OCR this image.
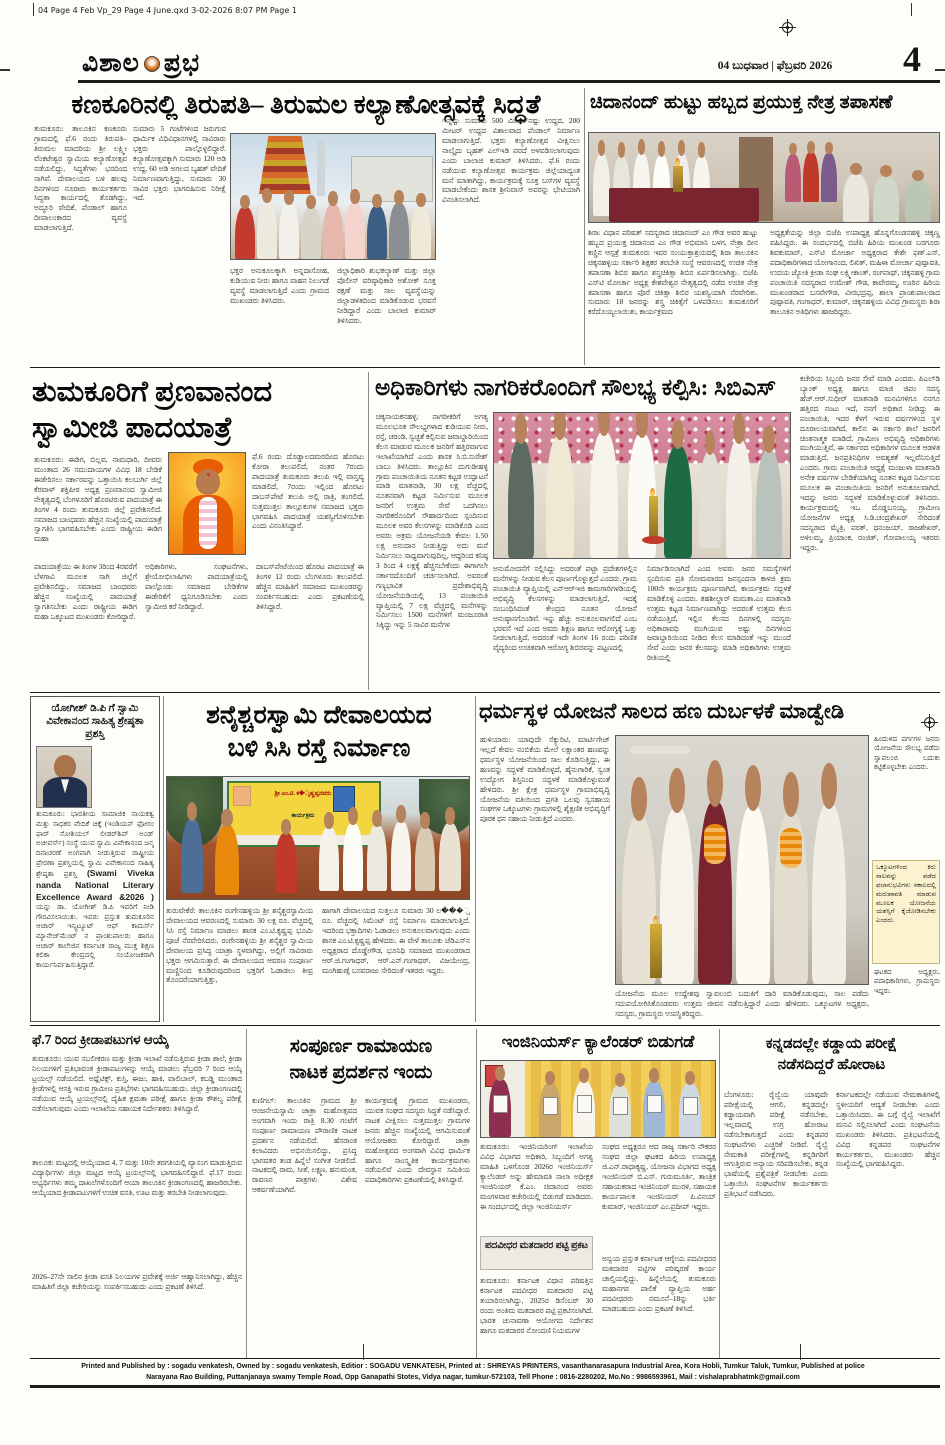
04 Page 4 Feb Vp_29 Page 4 June.qxd 3-02-2026 8:07 PM Page 1
ವಿಶಾಲ ಪ್ರಭ	04 ಬುಧವಾರ | ಫೆಬ್ರವರಿ 2026	4
ಕಣಕೂರಿನಲ್ಲಿ ತಿರುಪತಿ– ತಿರುಮಲ ಕಲ್ಯಾಣೋತ್ಸವಕ್ಕೆ ಸಿದ್ಧತೆ
ತುಮಕೂರು: ತಾಲೂಕಿನ ಕಣಕೂರು ಗ್ರಾಮದಲ್ಲಿ ಫೆ.6 ರಂದು ತಿರುಪತಿ– ತಿರುಮಲ ಮಾದರಿಯ ಶ್ರೀ ಲಕ್ಷ್ಮೀ ವೆಂಕಟೇಶ್ವರ ಸ್ವಾಮಿಯ ಕಲ್ಯಾಣೋತ್ಸವ ನಡೆಯಲಿದ್ದು, ಸಿದ್ಧತೆಗಳು ಭರದಿಂದ ಸಾಗಿವೆ. ದೇವಾಲಯದ ಬಳಿ ಹಲವು ದಿನಗಳಿಂದ ನೂರಾರು ಕಾರ್ಯಕರ್ತರು ಸಿದ್ಧತಾ ಕಾರ್ಯದಲ್ಲಿ ತೊಡಗಿದ್ದು, ಅದ್ಧೂರಿ ವೇದಿಕೆ, ಪೆಂಡಾಲ್ ಹಾಗೂ ದೀಪಾಲಂಕಾರದ ವ್ಯವಸ್ಥೆ ಮಾಡಲಾಗುತ್ತಿದೆ.
ಸುಮಾರು 5 ಗಂಟೆಗಳಿಂದ ಜರುಗುವ ಧಾರ್ಮಿಕ ವಿಧಿವಿಧಾನಗಳಲ್ಲಿ ಸಾವಿರಾರು ಭಕ್ತರು ಪಾಲ್ಗೊಳ್ಳಲಿದ್ದಾರೆ. ಕಲ್ಯಾಣೋತ್ಸವಕ್ಕಾಗಿ ಸುಮಾರು 120 ಅಡಿ ಉದ್ದ, 60 ಅಡಿ ಅಗಲದ ಬೃಹತ್ ವೇದಿಕೆ ನಿರ್ಮಾಣವಾಗುತ್ತಿದ್ದು, ಸುಮಾರು 30 ಸಾವಿರ ಭಕ್ತರು ಭಾಗವಹಿಸುವ ನಿರೀಕ್ಷೆ ಇದೆ.
ಭಕ್ತರ ಅನುಕೂಲಕ್ಕಾಗಿ ಅನ್ನದಾಸೋಹ, ಕುಡಿಯುವ ನೀರು ಹಾಗೂ ವಾಹನ ನಿಲುಗಡೆ ವ್ಯವಸ್ಥೆ ಮಾಡಲಾಗುತ್ತಿದೆ ಎಂದು ಗ್ರಾಮದ ಮುಖಂಡರು ತಿಳಿಸಿದರು.
ಜಿಲ್ಲಾಧಿಕಾರಿ ಶುಭಕಲ್ಯಾಣ್ ಮತ್ತು ಜಿಲ್ಲಾ ಪೊಲೀಸ್ ವರಿಷ್ಠಾಧಿಕಾರಿ ಅಶೋಕ್ ಸೂಕ್ತ ರಕ್ಷಣೆ ಮತ್ತು ಸಾಲ ವ್ಯವಸ್ಥೆಯನ್ನು ಜಿಲ್ಲಾಡಳಿತದಿಂದ ಮಾಡಿಕೊಡುವ ಭರವಸೆ ನೀಡಿದ್ದಾರೆ ಎಂದು ಬಾಲಾಜಿ ಕುಮಾರ್ ತಿಳಿಸಿದರು.
ಇನ್ನಷ್ಟು ಸುಮಾರು 500 ಮೀಟರ್‌ನಷ್ಟು ಉದ್ದದ, 200 ಮೀಟರ್ ಉದ್ದದ ವಿಶಾಲವಾದ ಪೆಂಡಾಲ್ ನಿರ್ಮಾಣ ಮಾಡಲಾಗುತ್ತಿದೆ. ಭಕ್ತರು ಕಲ್ಯಾಣೋತ್ಸವ ವೀಕ್ಷಿಸಲು ನಾಲ್ಕೈದು ಬೃಹತ್ ಎಲ್‌ಇಡಿ ಪರದೆ ಅಳವಡಿಸಲಾಗುವುದು ಎಂದು ಬಾಲಾಜಿ ಕುಮಾರ್ ತಿಳಿಸಿದರು. ಫೆ.6 ರಂದು ನಡೆಯುವ ಕಲ್ಯಾಣೋತ್ಸವ ಕಾರ್ಯಕ್ರಮ ಜಿಲ್ಲೆಯಾದ್ಯಂತ ಮನೆ ಮಾತಾಗಿದ್ದು, ಕಾರ್ಯಕ್ರಮಕ್ಕೆ ಸೂಕ್ತ ಬಸ್‌ಗಳ ವ್ಯವಸ್ಥೆ ಮಾಡಬೇಕೆಂದು ಶಾಸಕ ಶ್ರೀನಿವಾಸ್ ಅವರನ್ನು ಭೇಟಿಯಾಗಿ ವಿನಂತಿಸಲಾಗಿದೆ.
ಚಿದಾನಂದ್ ಹುಟ್ಟು ಹಬ್ಬದ ಪ್ರಯುಕ್ತ ನೇತ್ರ ತಪಾಸಣೆ
ಶಿರಾ: ವಿಧಾನ ಪರಿಷತ್ ಸದಸ್ಯರಾದ ಚಿದಾನಂದ್ ಎಂ ಗೌಡ ಅವರ ಹುಟ್ಟು ಹಬ್ಬದ ಪ್ರಯುಕ್ತ ಚಿದಾನಂದ ಎಂ ಗೌಡ ಅಭಿಮಾನಿ ಬಳಗ, ನೇತ್ರಾ ದೀನ ಕಣ್ಣಿನ ಆಸ್ಪತ್ರೆ ತುಮಕೂರು ಇವರ ಸಂಯುಕ್ತಾಶ್ರಯದಲ್ಲಿ ಶಿರಾ ತಾಲೂಕಿನ ಚಿಕ್ಕನಹಳ್ಳಿಯ ಸರ್ಕಾರಿ ಶಿಕ್ಷಕರ ತರಬೇತಿ ಸಂಸ್ಥೆ ಆವರಣದಲ್ಲಿ ಉಚಿತ ನೇತ್ರ ತಪಾಸಣಾ ಶಿಬಿರ ಹಾಗೂ ಶಸ್ತ್ರಚಿಕಿತ್ಸಾ ಶಿಬಿರ ಏರ್ಪಡಿಸಲಾಗಿತ್ತು. ಬಿಜೆಪಿ ಎಸ್‌ಟಿ ಮೋರ್ಚಾ ಅಧ್ಯಕ್ಷ ಕೇಶವೇಶ್ವರ ನೇತೃತ್ವದಲ್ಲಿ ನಡೆದ ಉಚಿತ ನೇತ್ರ ತಪಾಸಣಾ ಹಾಗೂ ಪೊರೆ ಚಿಕಿತ್ಸಾ ಶಿಬಿರ ಯಶಸ್ವಿಯಾಗಿ ನೆರವೇರಿತು. ಸುಮಾರು 18 ಜನರನ್ನು ಶಸ್ತ್ರ ಚಿಕಿತ್ಸೆಗೆ ಒಳಪಡಿಸಲು ತುಮಕೂರಿಗೆ ಕರೆದೊಯ್ಯಲಾಯಿತು, ಕಾರ್ಯಕ್ರಮದ
ಅಧ್ಯಕ್ಷತೆಯನ್ನು ಜಿಲ್ಲಾ ಬಿಜೆಪಿ ಉಪಾಧ್ಯಕ್ಷ ಹೊನ್ನಗೊಂಡನಹಳ್ಳಿ ಚಿಕ್ಕಣ್ಣ ವಹಿಸಿದ್ದರು. ಈ ಸಂದರ್ಭದಲ್ಲಿ ಬಿಜೆಪಿ ಹಿರಿಯ ಮುಖಂಡ ಬರಗೂರು ಶಿವಕುಮಾರ್, ಎಸ್‌ಟಿ ಮೋರ್ಚಾ ಅಧ್ಯಕ್ಷರಾದ ಕೇಶೇ ಫಣ್.ಎಸ್, ಪದಾಧಿಕಾರಿಗಳಾದ ಯೋಗಾನಂದ, ಲಿಖಿತ್, ಮಹಿಳಾ ಮೋರ್ಚಾ ಪುಷ್ಪಾವತಿ, ಉದಯ ಜ್ಯೋತಿ ಕ್ರೀಡಾ ಸಂಘ ಲಕ್ಷ್ಮೀಕಾಂತ್, ರಂಗನಾಥ್, ಚಿಕ್ಕನಹಳ್ಳಿ ಗ್ರಾಮ ಪಂಚಾಯಿತಿ ಸದಸ್ಯರಾದ ಉಮೇಶ್ ಗೌಡ, ಕಾವೇರಮ್ಮ, ಊರಿನ ಹಿರಿಯ ಮುಖಂಡರಾದ ಬಸವೇಗೌಡ, ವೀರಭದ್ರಪ್ಪ, ಶಾಲಾ ಪ್ರಾಂಶುಪಾಲರಾದ ಪುಷ್ಪಾವತಿ, ಗಂಗಾಧರ್, ಕುಮಾರ್, ಚಿಕ್ಕನಹಳ್ಳಿಯ ವಿವಿಧ ಗ್ರಾಮಸ್ಥರು ಶಿರಾ ತಾಲೂಕಿನ ಅತಿಥಿಗಳು ಹಾಜರಿದ್ದರು.
ತುಮಕೂರಿಗೆ ಪ್ರಣವಾನಂದ
ಸ್ವಾಮೀಜಿ ಪಾದಯಾತ್ರೆ
ತುಮಕೂರು: ಈಡಿಗ, ಬಿಲ್ಲವ, ನಾಮಧಾರಿ, ದೀವರು ಮುಂತಾದ 26 ಸಮುದಾಯಗಳ ವಿವಿಧ 18 ಬೇಡಿಕೆ ಈಡೇರಿಸಲು ಸರ್ಕಾರವನ್ನು ಒತ್ತಾಯಿಸಿ ಕಲಬುರ್ಗಿ ಜಿಲ್ಲೆ ಕೆರವಾಳ್ ಶಕ್ತಿಪೀಠ ಅಧ್ಯಕ್ಷ ಪ್ರಣವಾನಂದ ಸ್ವಾಮೀಜಿ ನೇತೃತ್ವದಲ್ಲಿ ಬೆಂಗಳೂರಿಗೆ ಹೊರಟಿರುವ ಪಾದಯಾತ್ರೆ ಈ ತಿಂಗಳ 4 ರಂದು ತುಮಕೂರು ಜಿಲ್ಲೆ ಪ್ರವೇಶಿಸಲಿದೆ. ಸಮಾಜದ ಬಾಂಧವರು ಹೆಚ್ಚಿನ ಸಂಖ್ಯೆಯಲ್ಲಿ ಪಾದಯಾತ್ರೆ ಸ್ವಾಗತಿಸಿ ಭಾಗವಹಿಸಬೇಕು ಎಂದು ರಾಷ್ಟ್ರೀಯ ಈಡಿಗ ಮಹಾ
ಫೆ.6 ರಂದು ದೊಡ್ಡಾಲದಮರದಿಂದ ಹೊರಟು ಕೋರಾ ತಲುಪಲಿದೆ, ನಂತರ 7ರಂದು ಪಾದಯಾತ್ರೆ ತುಮಕೂರು ತಲುಪಿ ಇಲ್ಲಿ ವಾಸ್ತವ್ಯ ಮಾಡಲಿದೆ, 7ರಂದು ಇಲ್ಲಿಂದ ಹೊರಟು ದಾಬಸ್‌ಪೇಟೆ ತಲುಪಿ ಅಲ್ಲಿ ರಾತ್ರಿ, ತಂಗಲಿದೆ, ಸುತ್ತಮುತ್ತಲ ತಾಲ್ಲೂಕುಗಳ ಸಮಾಜದ ಭಕ್ತರು ಭಾಗವಹಿಸಿ ಪಾದಯಾತ್ರೆ ಯಶಸ್ವಿಗೊಳಿಸಬೇಕು ಎಂದು ವಿನಂತಿಸಿದ್ದಾರೆ.
ಪಾದಯಾತ್ರೆಯು ಈ ತಿಂಗಳ 3ರಿಂದ 4ರವರೆಗೆ ಬೆಳಗಾವಿ ಮೂಲಕ ಸಾಗಿ ಜಿಲ್ಲೆಗೆ ಪ್ರವೇಶಿಸಲಿದ್ದು, ಸಮಾಜದ ಬಾಂಧವರು ಹೆಚ್ಚಿನ ಸಂಖ್ಯೆಯಲ್ಲಿ ಪಾದಯಾತ್ರೆ ಸ್ವಾಗತಿಸಬೇಕು ಎಂದು ರಾಷ್ಟ್ರೀಯ ಈಡಿಗ ಮಹಾ ಒಕ್ಕೂಟದ ಮುಖಂಡರು ಕೋರಿದ್ದಾರೆ.
ಅಧಿಕಾರಿಗಳು, ಸಂಘಟನೆಗಳು, ಶ್ರೇಯೋಭಿಲಾಷಿಗಳು ಪಾದಯಾತ್ರೆಯಲ್ಲಿ ಪಾಲ್ಗೊಂಡು ಸಮಾಜದ ಬೇಡಿಕೆಗಳ ಈಡೇರಿಕೆಗೆ ಧ್ವನಿಗೂಡಿಸಬೇಕು ಎಂದು ಸ್ವಾಮೀಜಿ ಕರೆ ನೀಡಿದ್ದಾರೆ.
ದಾಬಸ್‌ಪೇಟೆಯಿಂದ ಹೊರಟ ಪಾದಯಾತ್ರೆ ಈ ತಿಂಗಳ 12 ರಂದು ಬೆಂಗಳೂರು ತಲುಪಲಿದೆ. ಹೆಚ್ಚಿನ ಮಾಹಿತಿಗೆ ಸಮಾಜದ ಮುಖಂಡರನ್ನು ಸಂಪರ್ಕಿಸಬಹುದು ಎಂದು ಪ್ರಕಟಣೆಯಲ್ಲಿ ತಿಳಿಸಿದ್ದಾರೆ.
ಅಧಿಕಾರಿಗಳು ನಾಗರಿಕರೊಂದಿಗೆ ಸೌಲಭ್ಯ ಕಲ್ಪಿಸಿ: ಸಿಬಿಎಸ್
ಚಿಕ್ಕನಾಯಕನಹಳ್ಳಿ: ನಾಗರೀಕರಿಗೆ ಅಗತ್ಯ ಮೂಲಭೂತ ಸೌಲಭ್ಯಗಳಾದ ಕುಡಿಯುವ ನೀರು, ರಸ್ತೆ, ಚರಂಡಿ, ಸ್ವಚ್ಛತೆ ಕಲ್ಪಿಸುವ ಜವಾಬ್ದಾರಿಯಿಂದ ಕೆಲಸ ಮಾಡುವ ಮೂಲಕ ಜನರಿಗೆ ಹತ್ತಿರವಾಗುವ ಇಲಾಖೆಯಾಗಿದೆ ಎಂದು ಶಾಸಕ ಸಿ.ಬಿ.ಸುರೇಶ್ ಬಾಬು ತಿಳಿಸಿದರು. ತಾಲ್ಲೂಕಿನ ದುಗುಡೀಹಳ್ಳಿ ಗ್ರಾಮ ಪಂಚಾಯಿತಿಯ ನೂತನ ಕಟ್ಟಡ ಉದ್ಘಾಟನೆ ಮಾಡಿ ಮಾತನಾಡಿ, 30 ಲಕ್ಷ ವೆಚ್ಚದಲ್ಲಿ ನೂತನವಾಗಿ ಕಟ್ಟಡ ನಿರ್ಮಿಸುವ ಮೂಲಕ ಜನರಿಗೆ ಉತ್ತಮ ಸೇವೆ ಒದಗಿಸಲು ನಾಗರಿಕರೊಂದಿಗೆ ಸೌಹಾರ್ದದಿಂದ ಸ್ಪಂದಿಸುವ ಮೂಲಕ ಅವರ ಕೆಲಸಗಳನ್ನು ಮಾಡಿಕೊಡಿ ಎಂದ ಅವರು ಅಕ್ರಮ ಯೋಜನೆಯಡಿ ಕೇವಲ 1.50 ಲಕ್ಷ ಅನುದಾನ ನೀಡುತ್ತಿದ್ದು ಅದು ಮನೆ ನಿರ್ಮಿಸಲು ಸಾಧ್ಯವಾಗುವುದಿಲ್ಲ, ಆದ್ದರಿಂದ ಕನಿಷ್ಠ 3 ರಿಂದ 4 ಲಕ್ಷಕ್ಕೆ ಹೆಚ್ಚಿಸಬೇಕೆಂದು ಈಗಾಗಲೇ ಸರ್ಕಾರದೊಂದಿಗೆ ಚರ್ಚಿಸಲಾಗಿದೆ. ಅವರಂತೆ ಗಣ್ಯಭಾವಿತ ಪ್ರದೇಶಾಭಿವೃದ್ಧಿ ಯೋಜನೆಯಡಿಯಲ್ಲಿ 13 ಪಂಚಾಯಿತಿ ವ್ಯಾಪ್ತಿಯಲ್ಲಿ 7 ಲಕ್ಷ ವೆಚ್ಚದಲ್ಲಿ ಮನೆಗಳನ್ನು ನಿರ್ಮಿಸಲು 1500 ಮನೆಗಳಿಗೆ ಮಂಜೂರಾತಿ ಸಿಕ್ಕಿದ್ದು ಇನ್ನು 5 ಸಾವಿರ ಮನೆಗಳ
ಅನುಮೋದನೆಗೆ ಸಲ್ಲಿಸಿದ್ದು ಅದರಂತೆ ಪಟ್ಟಾ ಪ್ರದೇಶಗಳಲ್ಲಿನ ಮನೆಗಳನ್ನು ನೀಡುವ ಕೆಲಸ ಪೂರ್ಣಗೊಳ್ಳುತ್ತದೆ ಎಂದರು. ಗ್ರಾಮ ಪಂಚಾಯಿತಿ ವ್ಯಾಪ್ತಿಯಲ್ಲಿ ಎನ್‌ಆರ್‌ಇಜಿ ಕಾಮಗಾರಿಗಳಡಿಯಲ್ಲಿ ಅಭಿವೃದ್ಧಿ ಕೆಲಸಗಳನ್ನು ಮಾಡಲಾಗುತ್ತಿದೆ, ಇದಕ್ಕೆ ಸಂಬಂಧಿಸಿದಂತೆ ಕೇಂದ್ರದ ನೂತನ ಯೋಜನೆ ಅನುಷ್ಠಾನಗೊಂಡಿವೆ. ಇನ್ನು ಹೆಚ್ಚು ಅನುಕೂಲವಾಗಲಿದೆ ಎಂಬ ಭರವಸೆ ಇದೆ ಎಂದ ಅವರು ಶಿಕ್ಷಣ ಹಾಗೂ ಆರೋಗ್ಯಕ್ಕೆ ಒತ್ತು ನೀಡಲಾಗುತ್ತಿದೆ, ಅದರಂತೆ ಇದೇ ತಿಂಗಳ 16 ರಂದು ಪರಿಣಿತ ವೈದ್ಯರಿಂದ ಉಚಿತವಾಗಿ ಆರೋಗ್ಯ ಶಿಬಿರವನ್ನು ಪಟ್ಟಣದಲ್ಲಿ
ನಿರ್ಮಾಡಿಸಲಾಗಿದೆ ಎಂದ ಅವರು ಜನರ ಸಮಸ್ಯೆಗಳಿಗೆ ಸ್ಪಂದಿಸುವ ಪ್ರತಿ ಸೋಮವಾರದ ಜನಸ್ಪಂದನಾ ಕಾಳಜಿ ಕ್ರಮ 100ನೇ ಕಾರ್ಯಕ್ರಮ ಪೂರ್ಣವಾಗಿದೆ, ಕಾರ್ಯಕ್ರಮ ಸದ್ಬಳಕೆ ಮಾಡಿಕೊಳ್ಳಿ ಎಂದರು. ತಹಶೀಲ್ದಾರ್ ಮಮತಾ.ಎಂ ಮಾತನಾಡಿ ಉತ್ತಮ ಕಟ್ಟಡ ನಿರ್ಮಾಣವಾಗಿದ್ದು ಅದರಂತೆ ಉತ್ತಮ ಕೆಲಸ ನಡೆಯುತ್ತಿದೆ, ಇಲ್ಲಿನ ಕೆಲಸದ ದಿನಗಳಲ್ಲಿ ಸದಸ್ಯರು ಅಧಿಕಾರಾವಧಿ ಮುಗಿಯುವ ಅಷ್ಟು ದಿನಗಳಿಂದ ಜವಾಬ್ದಾರಿಯಿಂದ ನೀಡಿದ ಕೆಲಸ ಮಾಡಿದಂತೆ ಇನ್ನು ಮುಂದೆ ಸೇವೆ ಎಂದು ಜನರ ಕೆಲಸವನ್ನು ಮಾಡಿ ಅಧಿಕಾರಿಗಳು ಉತ್ತಮ ರೀತಿಯಲ್ಲಿ
ಕಚೇರಿಯ ಸಿಬ್ಬಂದಿ ಜನರ ಸೇವೆ ಮಾಡಿ ಎಂದರು. ಪಿಎಲ್‌ಡಿ ಬ್ಯಾಂಕ್ ಅಧ್ಯಕ್ಷ ಹಾಗೂ ಮಾಜಿ ಜಿಪಂ ಸದಸ್ಯ ಹೆಚ್.ಆರ್.ಸುಧೀರ್ ಮಾತನಾಡಿ ಮನವಿಗಳಿಗೂ ನನಗೂ ಹತ್ತಿರದ ನಂಟು ಇದೆ, ನನಗೆ ಅಧಿಕಾರ ನೀಡಿದ್ದು ಈ ಪಂಚಾಯಿತಿ, ಇದರ ಕೆಳಗೆ ಇರುವ ವರ್ಷಗಳಿಂದ ಸ್ಥಳ ದೂರಾಲಯವಾಗಿದೆ, ಕಾಲಿನ ಈ ಸರ್ಕಾರಿ ಶಾಲೆ ಜನರಿಗೆ ಚಿಂತನಾತ್ಮಕ ಮಾಡಿದೆ, ಗ್ರಾಮೀಣ ಅಭಿವೃದ್ಧಿ ಅಧಿಕಾರಿಗಳು ಮುಗಿಯುತ್ತಿವೆ, ಈ ಸರ್ಕಾರದ ಅಧಿಕಾರಿಗಳ ಮೂಲಕ ಆಡಳಿತ ಮಾಡುತ್ತಿದೆ, ಜನಪ್ರತಿನಿಧಿಗಳ ಅವಶ್ಯಕತೆ ಇಲ್ಲವೆನಿಸುತ್ತಿದೆ ಎಂದರು. ಗ್ರಾಮ ಪಂಚಾಯಿತಿ ಅಧ್ಯಕ್ಷೆ ಮಂಜುಳಾ ಮಾತನಾಡಿ ಅನೇಕ ವರ್ಷಗಳ ಬೇಡಿಕೆಯಾಗಿದ್ದ ನೂತನ ಕಟ್ಟಡ ನಿರ್ಮಿಸುವ ಮೂಲಕ ಈ ಪಂಚಾಯಿತಿಯ ಜನರಿಗೆ ಅನುಕೂಲವಾಗಿದೆ, ಇದನ್ನು ಜನರು ಸದ್ಬಳಕೆ ಮಾಡಿಕೊಳ್ಳುವಂತೆ ತಿಳಿಸಿದರು. ಕಾರ್ಯಕ್ರಮದಲ್ಲಿ ಇಒ ದೊಡ್ಡಬಸಯ್ಯ, ಗ್ರಾಮೀಣ ಯೋಜನೆಗಳ ಅಧ್ಯಕ್ಷ ಸಿ.ಡಿ.ಚಂದ್ರಶೇಖರ್ ಸೇರಿದಂತೆ ಸದಸ್ಯರಾದ ಮೈತ್ರಿ, ಪರತ್, ಧನಂಜಯ್, ರಾಜಶೇಖರ್, ಅಳಿಲಮ್ಮ, ಪ್ರಿಯಾಂಕ, ರಂಜಿತ್, ಗೋಪಾಲಯ್ಯ ಇತರರು ಇದ್ದರು.
ಯೋಗೀಶ್ ಡಿ.ಪಿ ಗೆ ಸ್ವಾಮಿ ವಿವೇಕಾನಂದ ಸಾಹಿತ್ಯ ಶ್ರೇಷ್ಠತಾ ಪ್ರಶಸ್ತಿ
ತುಮಕೂರು: ಭಾರತೀಯ ಸಾಮಾಜಿಕ ನಾಯಕತ್ವ ಮತ್ತು ಸಾಧಕರ ವೇದಿಕೆ ಚಿಕ್ಕೆ (ಇಂಡಿಯನ್ ಫೋರಂ ಫಾರ್ ಸೋಶಿಯಲ್ ಲೀಡರ್‌ಶಿಪ್ ಅಂಡ್ ಅಚೀವರ್ಸ್) ಸಂಸ್ಥೆ ಯುವ ಸ್ವಾಮಿ ವಿವೇಕಾನಂದ ಜನ್ಮ ದಿನಾಚರಣೆ ಅಂಗವಾಗಿ ನೀಡುತ್ತಿರುವ ರಾಷ್ಟ್ರೀಯ ಪ್ರೇರಣಾ ಪ್ರಶಸ್ತಿಯಲ್ಲಿ ಸ್ವಾಮಿ ವಿವೇಕಾನಂದ ಸಾಹಿತ್ಯ ಶ್ರೇಷ್ಠತಾ ಪ್ರಶಸ್ತಿ (Swami Viveka nanda National Literary Excellence Award &2026 ) ಯನ್ನು ಡಾ. ಯೋಗೀಶ್ ಡಿ.ಪಿ ಇವರಿಗೆ ನೀಡಿ ಗೌರವಿಸಲಾಯಿತು. ಇವರು ಪ್ರಸ್ತುತ ತುಮಕೂರಿನ ಆಚಾರ್ ಇನ್ಸ್ಟಿಟ್ಯೂಟ್ ಆಫ್ ಕಾಮರ್ಸ್ ಮ್ಯಾನೇಜ್‌ಮೆಂಟ್ ನ ಪ್ರಾಂಶುಪಾಲರು ಹಾಗೂ ಆಚಾರ್ ಕಾಲೇಜಿನ ಕರ್ನಾಟಕ ರಾಜ್ಯ ಮುಕ್ತ ಶಿಕ್ಷಣ ಕಲಿಕಾ ಕೇಂದ್ರದಲ್ಲಿ ಸಂಯೋಜಕರಾಗಿ ಕಾರ್ಯನಿರ್ವಹಿಸುತ್ತಿದ್ದಾರೆ.
ಶನೈಶ್ಚರಸ್ವಾಮಿ ದೇವಾಲಯದ
ಬಳಿ ಸಿಸಿ ರಸ್ತೆ ನಿರ್ಮಾಣ
ಶ್ರೀ ಎಂ.ಟಿ. ಕ�ೃಷ್ಣಪ್ಪನವರು
ಕಾರ್ಯಕ್ರಮ
ತುರುವೇಕೆರೆ: ತಾಲೂಕಿನ ರಂಗೇನಹಳ್ಳಿಯ ಶ್ರೀ ಶನೈಶ್ಚರಸ್ವಾಮಿಯ ದೇವಾಲಯದ ಆವರಣದಲ್ಲಿ ಸುಮಾರು 30 ಲಕ್ಷ ರೂ. ವೆಚ್ಚದಲ್ಲಿ ಸಿಸಿ ರಸ್ತೆ ನಿರ್ಮಾಣ ಮಾಡಲು ಶಾಸಕ ಎಂ.ಟಿ.ಕೃಷ್ಣಪ್ಪ ಭೂಮಿ ಪೂಜೆ ನೆರವೇರಿಸಿದರು. ರಂಗೇನಹಳ್ಳಿಯ ಶ್ರೀ ಶನೈಶ್ಚರ ಸ್ವಾಮಿಯ ದೇವಾಲಯ ಪ್ರಸಿದ್ಧ ಯಾತ್ರಾ ಸ್ಥಳವಾಗಿದ್ದು, ಅಲ್ಲಿಗೆ ಸಾವಿರಾರು ಭಕ್ತರು ಆಗಮಿಸುತ್ತಾರೆ. ಈ ದೇವಾಲಯದ ಆವರಣ ಸಂಪೂರ್ಣ ಮಣ್ಣಿನಿಂದ ಕೂಡಿರುವುದರಿಂದ ಭಕ್ತರಿಗೆ ಓಡಾಡಲು ತೀವ್ರ ತೊಂದರೆಯಾಗುತ್ತಿತ್ತು,
ಹಾಗಾಗಿ ದೇವಾಲಯದ ಸುತ್ತಲೂ ಸುಮಾರು 30 ಲ���್ಷ ರೂ. ವೆಚ್ಚದಲ್ಲಿ ಸಿಮೆಂಟ್ ರಸ್ತೆ ನಿರ್ಮಾಣ ಮಾಡಲಾಗುತ್ತಿದೆ. ಇದರಿಂದ ಭಕ್ತಾದಿಗಳು ಓಡಾಡಲು ಅನುಕೂಲವಾಗುವುದು ಎಂದು ಶಾಸಕ ಎಂ.ಟಿ.ಕೃಷ್ಣಪ್ಪ ಹೇಳಿದರು. ಈ ವೇಳೆ ತಾಲೂಕು ಜೆಡಿಎಸ್‌ನ ಅಧ್ಯಕ್ಷರಾದ ದೊಡ್ಡೇಗೌಡ, ಭೂನಿಧಿ ಸಮಾಜದ ಮುಖಂಡರಾದ ಆರ್.ಜಿ.ಗಂಗಾಧರ್, ಆರ್.ಎನ್.ಗಂಗಾಧರ್, ವಿಜಯೇಂದ್ರ, ಮಂಗಿಹುಣ್ಸೆ ಬಸವರಾಜು ಸೇರಿದಂತೆ ಇತರರು ಇದ್ದರು.
ಧರ್ಮಸ್ಥಳ ಯೋಜನೆ ಸಾಲದ ಹಣ ದುರ್ಬಳಕೆ ಮಾಡ್ವೇಡಿ
ಹುಳಿಯಾರು: ಯಾವುದೇ ಸೆಕ್ಯುರಿಟಿ, ಮಾರ್ಟಿಗೇಜ್ ಇಲ್ಲದೆ ಕೇವಲ ನಂಬಿಕೆಯ ಮೇಲೆ ಲಕ್ಷಾಂತರ ಹಣವನ್ನು ಧರ್ಮಸ್ಥಳ ಯೋಜನೆಯಿಂದ ಸಾಲ ಕೊಡಿಸುತ್ತಿದ್ದು, ಈ ಹಣವನ್ನು ಸದ್ಬಳಕೆ ಮಾಡಿಕೊಳ್ಳದೆ, ಹೈನುಗಾರಿಕೆ, ಸ್ವಂತ ಉದ್ಯೋಗ ಶಿಸ್ತಿನಿಂದ ಸದ್ಬಳಕೆ ಮಾಡಿಕೊಳ್ಳುವಂತೆ ಹೇಳಿದರು. ಶ್ರೀ ಕ್ಷೇತ್ರ ಧರ್ಮಸ್ಥಳ ಗ್ರಾಮಾಭಿವೃದ್ಧಿ ಯೋಜನೆಯ ವತಿಯಿಂದ ಪ್ರಗತಿ ಒಲವು ಸ್ವಸಹಾಯ ಸಂಘಗಳ ಒಕ್ಕೂಟಗಳು ಗ್ರಾಮಗಳಲ್ಲಿ ಶೈಕ್ಷಣಿಕ ಅಭಿವೃದ್ಧಿಗೆ ಪೂರಕ ಧನ ಸಹಾಯ ನೀಡುತ್ತಿದೆ ಎಂದರು.
ಯೋಜನೆಯ ಮೂಲ ಉದ್ದೇಶವು ಸ್ವಾವಲಂಬಿ ಬದುಕಿಗೆ ದಾರಿ ಮಾಡಿಕೊಡುವುದು, ಸಾಲ ಪಡೆದು ಸದುಪಯೋಗಿಸಿಕೊಂಡವರು ಉತ್ತಮ ಜೀವನ ನಡೆಸುತ್ತಿದ್ದಾರೆ ಎಂದು ಹೇಳಿದರು. ಒಕ್ಕೂಟಗಳ ಅಧ್ಯಕ್ಷರು, ಸದಸ್ಯರು, ಗ್ರಾಮಸ್ಥರು ಉಪಸ್ಥಿತರಿದ್ದರು.
ಹಿಂದುಳಿದ ವರ್ಗಗಳ ಜನರು ಯೋಜನೆಯ ಸೌಲಭ್ಯ ಪಡೆದು ಸ್ವಾವಲಂಬಿ ಬದುಕು ಕಟ್ಟಿಕೊಳ್ಳಬೇಕು ಎಂದರು.
ಒಕ್ಕೂಟಗಳಿಂದ ಕಿರು ಸಾಲವನ್ನು ಪಡೆದ ಫಲಾನುಭವಿಗಳು ಸಕಾಲದಲ್ಲಿ ಮರುಪಾವತಿ ಮಾಡುವ ಮೂಲಕ ಯೋಜನೆಯ ಯಶಸ್ಸಿಗೆ ಕೈಜೋಡಿಸಬೇಕು ಎಂದರು.
ಘಟಕದ ಅಧ್ಯಕ್ಷರು, ಪದಾಧಿಕಾರಿಗಳು, ಗ್ರಾಮಸ್ಥರು ಇದ್ದರು.
ಫೆ.7 ರಿಂದ ಕ್ರೀಡಾಪಟುಗಳ ಆಯ್ಕೆ
ತುಮಕೂರು: ಯುವ ಸಬಲೀಕರಣ ಮತ್ತು ಕ್ರೀಡಾ ಇಲಾಖೆ ನಡೆಸುತ್ತಿರುವ ಕ್ರೀಡಾ ಶಾಲೆ, ಕ್ರೀಡಾ ನಿಲಯಗಳಿಗೆ ಪ್ರತಿಭಾವಂತ ಕ್ರೀಡಾಪಟುಗಳನ್ನು ಆಯ್ಕೆ ಮಾಡಲು ಫೆಬ್ರವರಿ 7 ರಿಂದ ಆಯ್ಕೆ ಟ್ರಯಲ್ಸ್ ನಡೆಯಲಿದೆ. ಅಥ್ಲೆಟಿಕ್ಸ್, ಕುಸ್ತಿ, ಈಜು, ಹಾಕಿ, ವಾಲಿಬಾಲ್, ಕಬಡ್ಡಿ ಮುಂತಾದ ಕ್ರೀಡೆಗಳಲ್ಲಿ ಆಸಕ್ತಿ ಇರುವ ಗ್ರಾಮೀಣ ಪ್ರತಿಭೆಗಳು ಭಾಗವಹಿಸಬಹುದು. ಜಿಲ್ಲಾ ಕ್ರೀಡಾಂಗಣದಲ್ಲಿ ನಡೆಯುವ ಆಯ್ಕೆ ಟ್ರಯಲ್ಸ್‌ನಲ್ಲಿ ದೈಹಿಕ ಕ್ಷಮತಾ ಪರೀಕ್ಷೆ ಹಾಗೂ ಕ್ರೀಡಾ ಕೌಶಲ್ಯ ಪರೀಕ್ಷೆ ನಡೆಸಲಾಗುವುದು ಎಂದು ಇಲಾಖೆಯ ಸಹಾಯಕ ನಿರ್ದೇಶಕರು ತಿಳಿಸಿದ್ದಾರೆ.
ತಾಲೂಕು ಮಟ್ಟದಲ್ಲಿ ಆಯ್ಕೆಯಾದ 4, 7 ಮತ್ತು 10ನೇ ತರಗತಿಯಲ್ಲಿ ವ್ಯಾಸಂಗ ಮಾಡುತ್ತಿರುವ ವಿದ್ಯಾರ್ಥಿಗಳು ಜಿಲ್ಲಾ ಮಟ್ಟದ ಆಯ್ಕೆ ಟ್ರಯಲ್ಸ್‌ನಲ್ಲಿ ಭಾಗವಹಿಸಲಿದ್ದಾರೆ. ಫೆ.17 ರಂದು ಅಭ್ಯರ್ಥಿಗಳು ತಮ್ಮ ದಾಖಲೆಗಳೊಂದಿಗೆ ಆಯಾ ತಾಲೂಕಿನ ಕ್ರೀಡಾಂಗಣದಲ್ಲಿ ಹಾಜರಿರಬೇಕು. ಆಯ್ಕೆಯಾದ ಕ್ರೀಡಾಪಟುಗಳಿಗೆ ಉಚಿತ ವಸತಿ, ಊಟ ಮತ್ತು ತರಬೇತಿ ನೀಡಲಾಗುವುದು.
2026–27ನೇ ಸಾಲಿನ ಕ್ರೀಡಾ ವಸತಿ ನಿಲಯಗಳ ಪ್ರವೇಶಕ್ಕೆ ಅರ್ಜಿ ಆಹ್ವಾನಿಸಲಾಗಿದ್ದು, ಹೆಚ್ಚಿನ ಮಾಹಿತಿಗೆ ಜಿಲ್ಲಾ ಕಚೇರಿಯನ್ನು ಸಂಪರ್ಕಿಸಬಹುದು ಎಂದು ಪ್ರಕಟಣೆ ತಿಳಿಸಿದೆ.
ಸಂಪೂರ್ಣ ರಾಮಾಯಣ
ನಾಟಕ ಪ್ರದರ್ಶನ ಇಂದು
ಕುಣಿಗಲ್: ತಾಲೂಕಿನ ಗ್ರಾಮದ ಶ್ರೀ ಆಂಜನೇಯಸ್ವಾಮಿ ಜಾತ್ರಾ ಮಹೋತ್ಸವದ ಅಂಗವಾಗಿ ಇಂದು ರಾತ್ರಿ 8.30 ಗಂಟೆಗೆ ಸಂಪೂರ್ಣ ರಾಮಾಯಣ ಪೌರಾಣಿಕ ನಾಟಕ ಪ್ರದರ್ಶನ ನಡೆಯಲಿದೆ. ಹೆಸರಾಂತ ಕಲಾವಿದರು ಅಭಿನಯಿಸಲಿದ್ದು, ಪ್ರಸಿದ್ಧ ಭಾಗವತರ ತಂಡ ಹಿನ್ನೆಲೆ ಸಂಗೀತ ನೀಡಲಿದೆ. ನಾಟಕದಲ್ಲಿ ರಾಮ, ಸೀತೆ, ಲಕ್ಷ್ಮಣ, ಹನುಮಂತ, ರಾವಣನ ಪಾತ್ರಗಳು ವಿಶೇಷ ಆಕರ್ಷಣೆಯಾಗಿವೆ.
ಕಾರ್ಯಕ್ರಮಕ್ಕೆ ಗ್ರಾಮದ ಮುಖಂಡರು, ಯುವಕ ಸಂಘದ ಸದಸ್ಯರು ಸಿದ್ಧತೆ ನಡೆಸಿದ್ದಾರೆ. ನಾಟಕ ವೀಕ್ಷಿಸಲು ಸುತ್ತಮುತ್ತಲ ಗ್ರಾಮಗಳ ಜನರು ಹೆಚ್ಚಿನ ಸಂಖ್ಯೆಯಲ್ಲಿ ಆಗಮಿಸುವಂತೆ ಆಯೋಜಕರು ಕೋರಿದ್ದಾರೆ. ಜಾತ್ರಾ ಮಹೋತ್ಸವದ ಅಂಗವಾಗಿ ವಿವಿಧ ಧಾರ್ಮಿಕ ಹಾಗೂ ಸಾಂಸ್ಕೃತಿಕ ಕಾರ್ಯಕ್ರಮಗಳು ನಡೆಯಲಿವೆ ಎಂದು ದೇವಸ್ಥಾನ ಸಮಿತಿಯ ಪದಾಧಿಕಾರಿಗಳು ಪ್ರಕಟಣೆಯಲ್ಲಿ ತಿಳಿಸಿದ್ದಾರೆ.
ಇಂಜಿನಿಯರ್ಸ್ ಕ್ಯಾಲೆಂಡರ್ ಬಿಡುಗಡೆ
ತುಮಕೂರು: ಇಂಜಿನಿಯರಿಂಗ್ ಇಲಾಖೆಯ ವಿವಿಧ ವಿಭಾಗದ ಅಧಿಕಾರಿ, ಸಿಬ್ಬಂದಿಗೆ ಅಗತ್ಯ ಮಾಹಿತಿ ಒಳಗೊಂಡ 2026ರ ಇಂಜಿನಿಯರ್ಸ್ ಕ್ಯಾಲೆಂಡರ್ ಅನ್ನು ಹೇಮಾವತಿ ನಾಲಾ ಅಧೀಕ್ಷಕ ಇಂಜಿನಿಯರ್ ಕೆ.ಎಂ. ಚಿದಾನಂದ ಅವರು ಮಂಗಳವಾರ ಕಚೇರಿಯಲ್ಲಿ ಬಿಡುಗಡೆ ಮಾಡಿದರು. ಈ ಸಂದರ್ಭದಲ್ಲಿ ಜಿಲ್ಲಾ ಇಂಜಿನಿಯರ್ಸ್
ಸಂಘದ ಅಧ್ಯಕ್ಷರೂ ಆದ ರಾಜ್ಯ ಸರ್ಕಾರಿ ನೌಕರರ ಸಂಘದ ಜಿಲ್ಲಾ ಘಟಕದ ಹಿರಿಯ ಉಪಾಧ್ಯಕ್ಷ ಜಿ.ಎನ್.ರಾಧಾಕೃಷ್ಣ, ಯೋಜನಾ ವಿಭಾಗದ ಅಧ್ಯಕ್ಷ ಇಂಜಿನಿಯರ್ ಬಿ.ಎಸ್. ಗುರುಮೂರ್ತಿ, ತಾಂತ್ರಿಕ ಸಹಾಯಕರಾದ ಇಂಜಿನಿಯರ್ ಮುರಳಿ, ಸಹಾಯಕ ಕಾರ್ಯಪಾಲಕ ಇಂಜಿನಿಯರ್ ಪಿ.ವಿನಯ್ ಕುಮಾರ್, ಇಂಜಿನಿಯರ್ ಎಂ.ಪ್ರದೀಪ್ ಇದ್ದರು.
ಪದವೀಧರ ಮತದಾರರ ಪಟ್ಟಿ ಪ್ರಕಟ
ತುಮಕೂರು: ಕರ್ನಾಟಕ ವಿಧಾನ ಪರಿಷತ್ತಿನ ಕರ್ನಾಟಕ ಪದವೀಧರ ಮತದಾರರ ಪಟ್ಟಿ ತಯಾರಿಸಲಾಗಿದ್ದು, 2025ರ ಡಿಸೆಂಬರ್ 30 ರಂದು ಅಂತಿಮ ಮತದಾರರ ಪಟ್ಟಿ ಪ್ರಕಟಿಸಲಾಗಿದೆ. ಭಾರತ ಚುನಾವಣಾ ಆಯೋಗದ ನಿರ್ದೇಶನ ಹಾಗೂ ಮತದಾರರ ನೋಂದಣಿ ನಿಯಮಗಳ
ಅನ್ವಯ ಪ್ರಸ್ತುತ ಕರ್ನಾಟಕ ಆಗ್ನೇಯ ಪದವೀಧರರ ಮತದಾರರ ಪಟ್ಟಿಗಳ ಪರಿಷ್ಕರಣೆ ಕಾರ್ಯ ಚಾಲ್ತಿಯಲ್ಲಿದ್ದು, ಹಿನ್ನೆಲೆಯಲ್ಲಿ ತುಮಕೂರು ಮಹಾನಗರ ಪಾಲಿಕೆ ವ್ಯಾಪ್ತಿಯ ಅರ್ಹ ಪದವೀಧರರು ನಮೂನೆ–18ನ್ನು ಭರ್ತಿ ಮಾಡಬಹುದು ಎಂದು ಪ್ರಕಟಣೆ ತಿಳಿಸಿದೆ.
ಕನ್ನಡದಲ್ಲೇ ಕಡ್ಡಾಯ ಪರೀಕ್ಷೆ
ನಡೆಸದಿದ್ದರೆ ಹೋರಾಟ
ಬೆಂಗಳೂರು: ರೈಲ್ವೆಯ ಯಾವುದೇ ಪರೀಕ್ಷೆಯಲ್ಲಿ ಆಗಲಿ, ಕನ್ನಡದಲ್ಲೇ ಕಡ್ಡಾಯವಾಗಿ ಪರೀಕ್ಷೆ ನಡೆಸಬೇಕು, ಇಲ್ಲವಾದಲ್ಲಿ ಉಗ್ರ ಹೋರಾಟ ನಡೆಸಬೇಕಾಗುತ್ತದೆ ಎಂದು ಕನ್ನಡಪರ ಸಂಘಟನೆಗಳು ಎಚ್ಚರಿಕೆ ನೀಡಿವೆ. ರೈಲ್ವೆ ನೇಮಕಾತಿ ಪರೀಕ್ಷೆಗಳಲ್ಲಿ ಕನ್ನಡಿಗರಿಗೆ ಆಗುತ್ತಿರುವ ಅನ್ಯಾಯ ಸರಿಪಡಿಸಬೇಕು, ಕನ್ನಡ ಭಾಷೆಯಲ್ಲಿ ಪ್ರಶ್ನೆಪತ್ರಿಕೆ ನೀಡಬೇಕು ಎಂದು ಒತ್ತಾಯಿಸಿ ಸಂಘಟನೆಗಳ ಕಾರ್ಯಕರ್ತರು ಪ್ರತಿಭಟನೆ ನಡೆಸಿದರು.
ಕರ್ನಾಟಕದಲ್ಲೇ ನಡೆಯುವ ನೇಮಕಾತಿಗಳಲ್ಲಿ ಸ್ಥಳೀಯರಿಗೆ ಆದ್ಯತೆ ನೀಡಬೇಕು ಎಂದು ಒತ್ತಾಯಿಸಿದರು. ಈ ಬಗ್ಗೆ ರೈಲ್ವೆ ಇಲಾಖೆಗೆ ಮನವಿ ಸಲ್ಲಿಸಲಾಗಿದೆ ಎಂದು ಸಂಘಟನೆಯ ಮುಖಂಡರು ತಿಳಿಸಿದರು. ಪ್ರತಿಭಟನೆಯಲ್ಲಿ ವಿವಿಧ ಕನ್ನಡಪರ ಸಂಘಟನೆಗಳ ಕಾರ್ಯಕರ್ತರು, ಮುಖಂಡರು ಹೆಚ್ಚಿನ ಸಂಖ್ಯೆಯಲ್ಲಿ ಭಾಗವಹಿಸಿದ್ದರು.
Printed and Published by : sogadu venkatesh, Owned by : sogadu venkatesh, Editior : SOGADU VENKATESH, Printed at : SHREYAS PRINTERS, vasanthanarasapura Industrial Area, Kora Hobli, Tumkur Taluk, Tumkur, Published at police
Narayana Rao Building, Puttanjanaya swamy Temple Road, Opp Ganapathi Stotes, Vidya nagar, tumkur-572103, Tell Phone : 0816-2280202, Mo.No : 9986593961, Mail : vishalaprabhatmk@gmail.com
